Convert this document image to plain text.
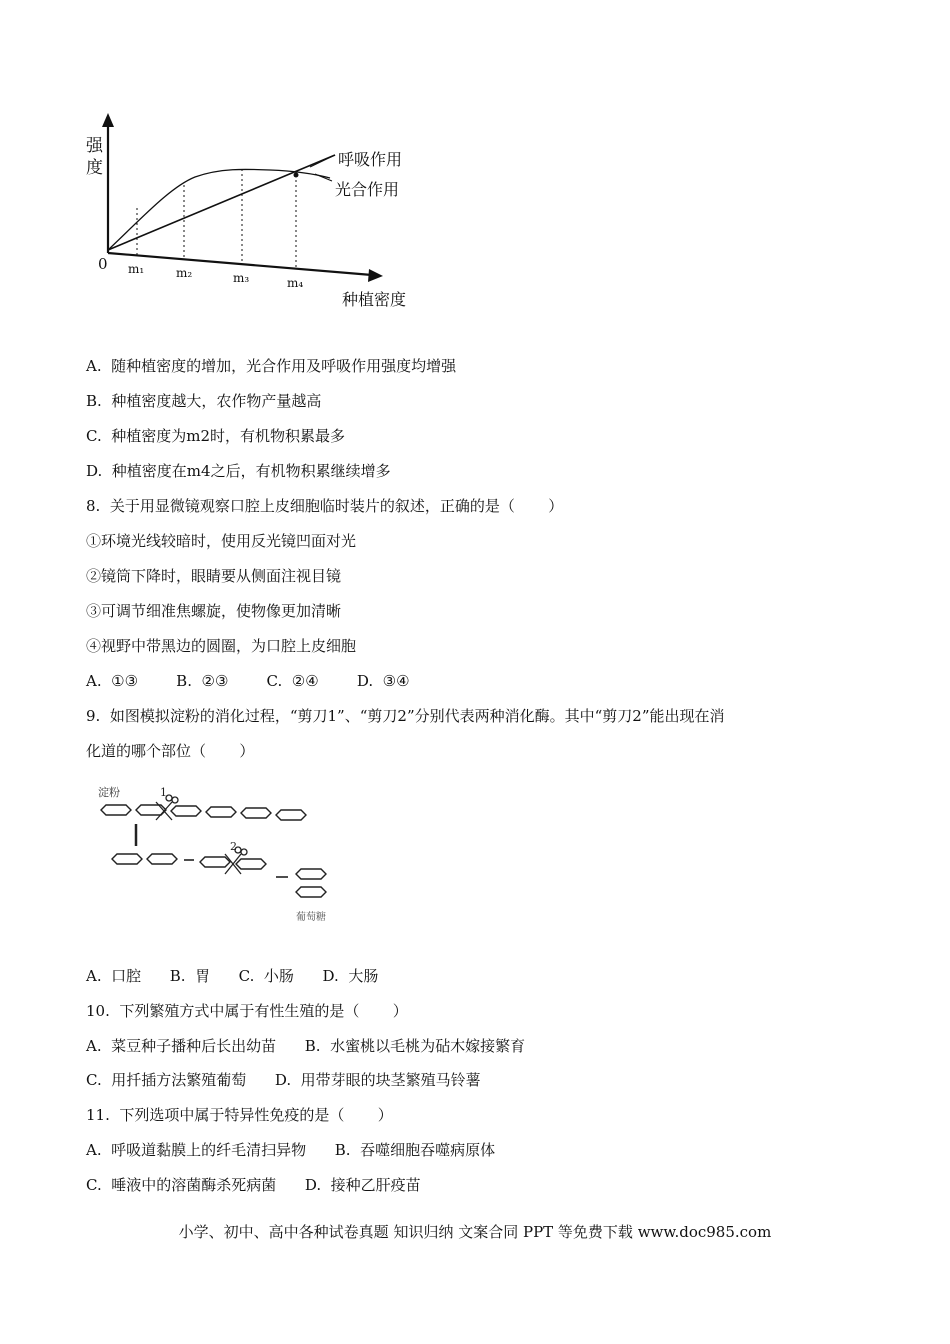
强
度
0 m₁	m₂	m₃	m₄
种植密度
呼吸作用
光合作用
A.  随种植密度的增加，光合作用及呼吸作用强度均增强
B.  种植密度越大，农作物产量越高
C.  种植密度为m2时，有机物积累最多
D.  种植密度在m4之后，有机物积累继续增多
8.  关于用显微镜观察口腔上皮细胞临时装片的叙述，正确的是（       ）
①环境光线较暗时，使用反光镜凹面对光
②镜筒下降时，眼睛要从侧面注视目镜
③可调节细准焦螺旋，使物像更加清晰
④视野中带黑边的圆圈，为口腔上皮细胞
A.  ①③        B.  ②③        C.  ②④        D.  ③④
9.  如图模拟淀粉的消化过程，“剪刀1”、“剪刀2”分别代表两种消化酶。其中“剪刀2”能出现在消
化道的哪个部位（       ）
淀粉	1
2
葡萄糖
A.  口腔      B.  胃      C.  小肠      D.  大肠
10.  下列繁殖方式中属于有性生殖的是（       ）
A.  菜豆种子播种后长出幼苗      B.  水蜜桃以毛桃为砧木嫁接繁育
C.  用扦插方法繁殖葡萄      D.  用带芽眼的块茎繁殖马铃薯
11.  下列选项中属于特异性免疫的是（       ）
A.  呼吸道黏膜上的纤毛清扫异物      B.  吞噬细胞吞噬病原体
C.  唾液中的溶菌酶杀死病菌      D.  接种乙肝疫苗
小学、初中、高中各种试卷真题 知识归纳 文案合同 PPT 等免费下载 www.doc985.com
